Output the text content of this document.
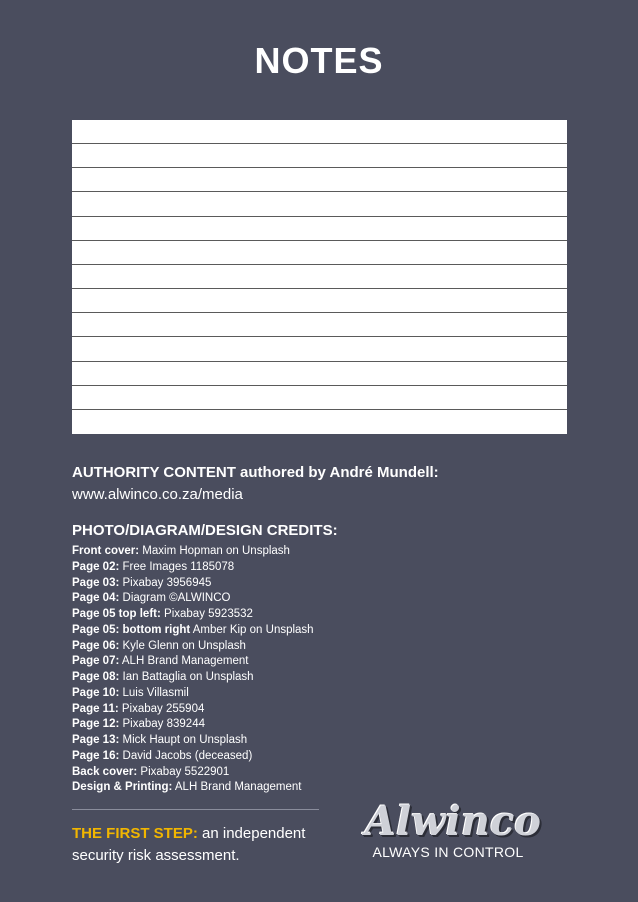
NOTES
AUTHORITY CONTENT authored by André Mundell:
www.alwinco.co.za/media
PHOTO/DIAGRAM/DESIGN CREDITS:
Front cover: Maxim Hopman on Unsplash
Page 02: Free Images 1185078
Page 03: Pixabay 3956945
Page 04: Diagram ©ALWINCO
Page 05 top left: Pixabay 5923532
Page 05: bottom right Amber Kip on Unsplash
Page 06: Kyle Glenn on Unsplash
Page 07: ALH Brand Management
Page 08: Ian Battaglia on Unsplash
Page 10: Luis Villasmil
Page 11: Pixabay 255904
Page 12: Pixabay 839244
Page 13: Mick Haupt on Unsplash
Page 16: David Jacobs (deceased)
Back cover: Pixabay 5522901
Design & Printing: ALH Brand Management
THE FIRST STEP: an independent
security risk assessment.
Alwinco
ALWAYS IN CONTROL
